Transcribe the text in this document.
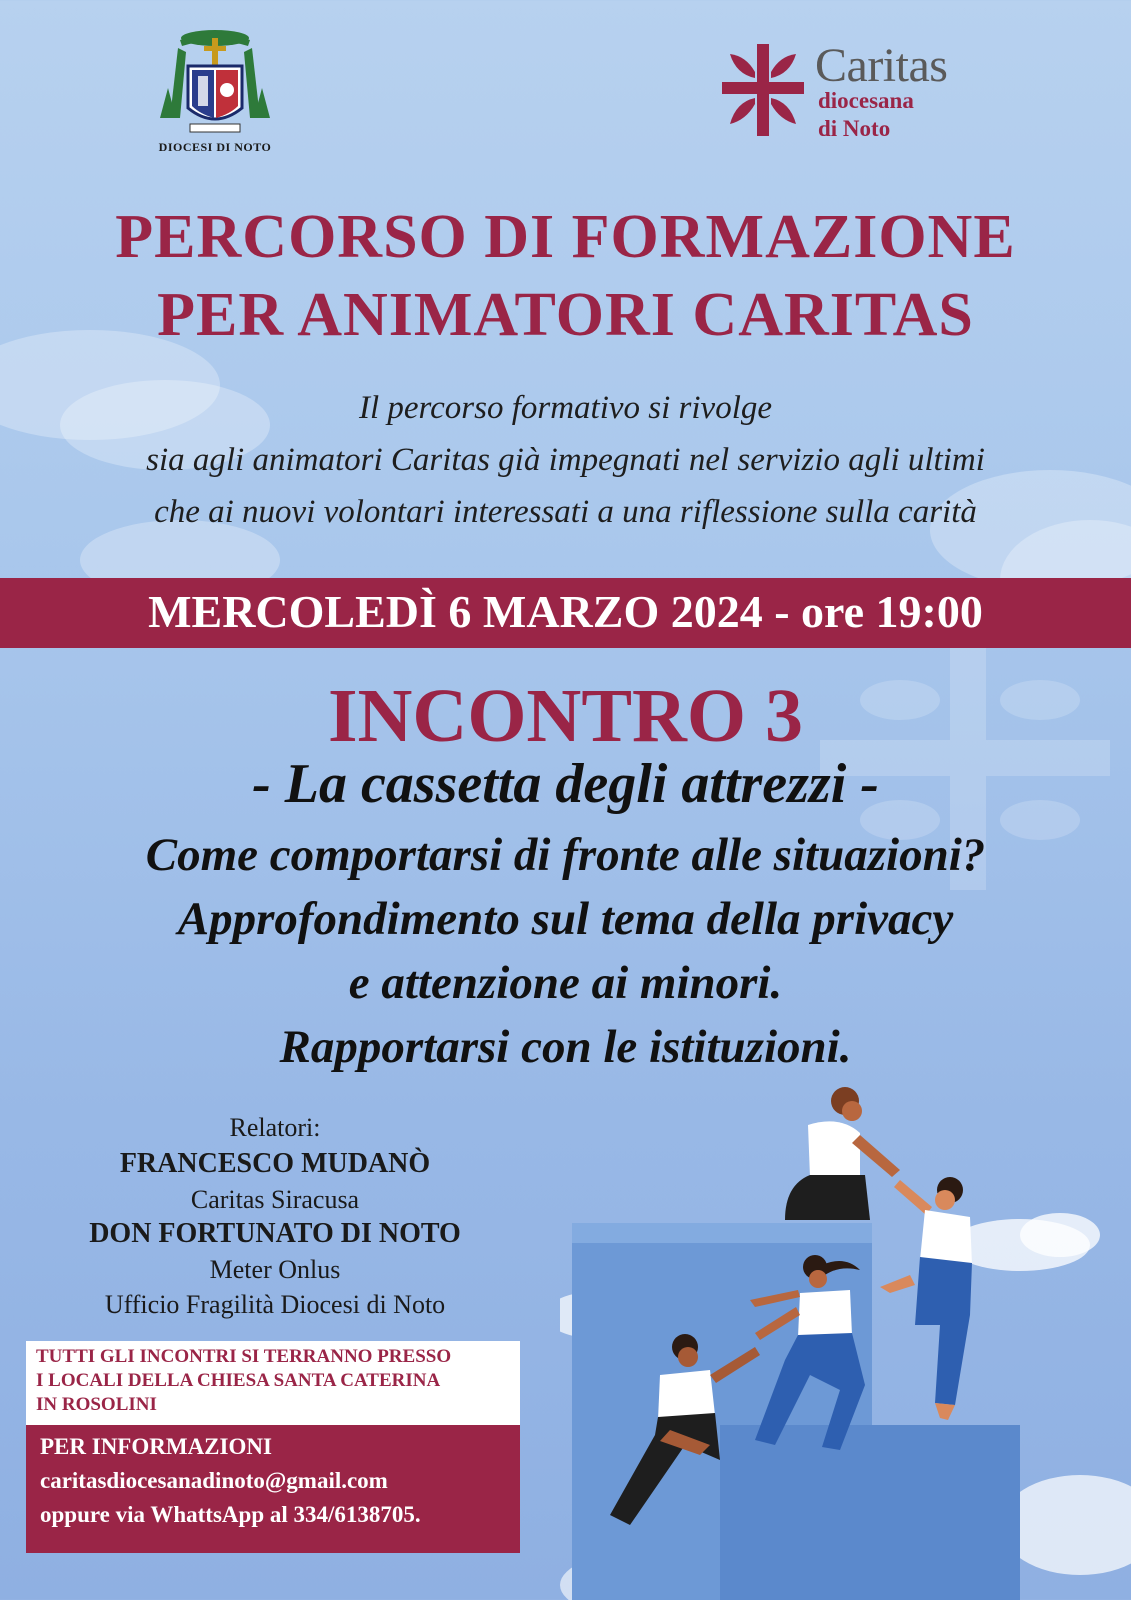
DIOCESI DI NOTO
Caritas
diocesana
di Noto
PERCORSO DI FORMAZIONE
PER ANIMATORI CARITAS
Il percorso formativo si rivolge
sia agli animatori Caritas già impegnati nel servizio agli ultimi
che ai nuovi volontari interessati a una riflessione sulla carità
MERCOLEDÌ 6 MARZO 2024 - ore 19:00
INCONTRO 3
- La cassetta degli attrezzi -
Come comportarsi di fronte alle situazioni?
Approfondimento sul tema della privacy
e attenzione ai minori.
Rapportarsi con le istituzioni.
Relatori:
FRANCESCO MUDANÒ
Caritas Siracusa
DON FORTUNATO DI NOTO
Meter Onlus
Ufficio Fragilità Diocesi di Noto
TUTTI GLI INCONTRI SI TERRANNO PRESSO
I LOCALI DELLA CHIESA SANTA CATERINA
IN ROSOLINI
PER INFORMAZIONI
caritasdiocesanadinoto@gmail.com
oppure via WhattsApp al 334/6138705.
